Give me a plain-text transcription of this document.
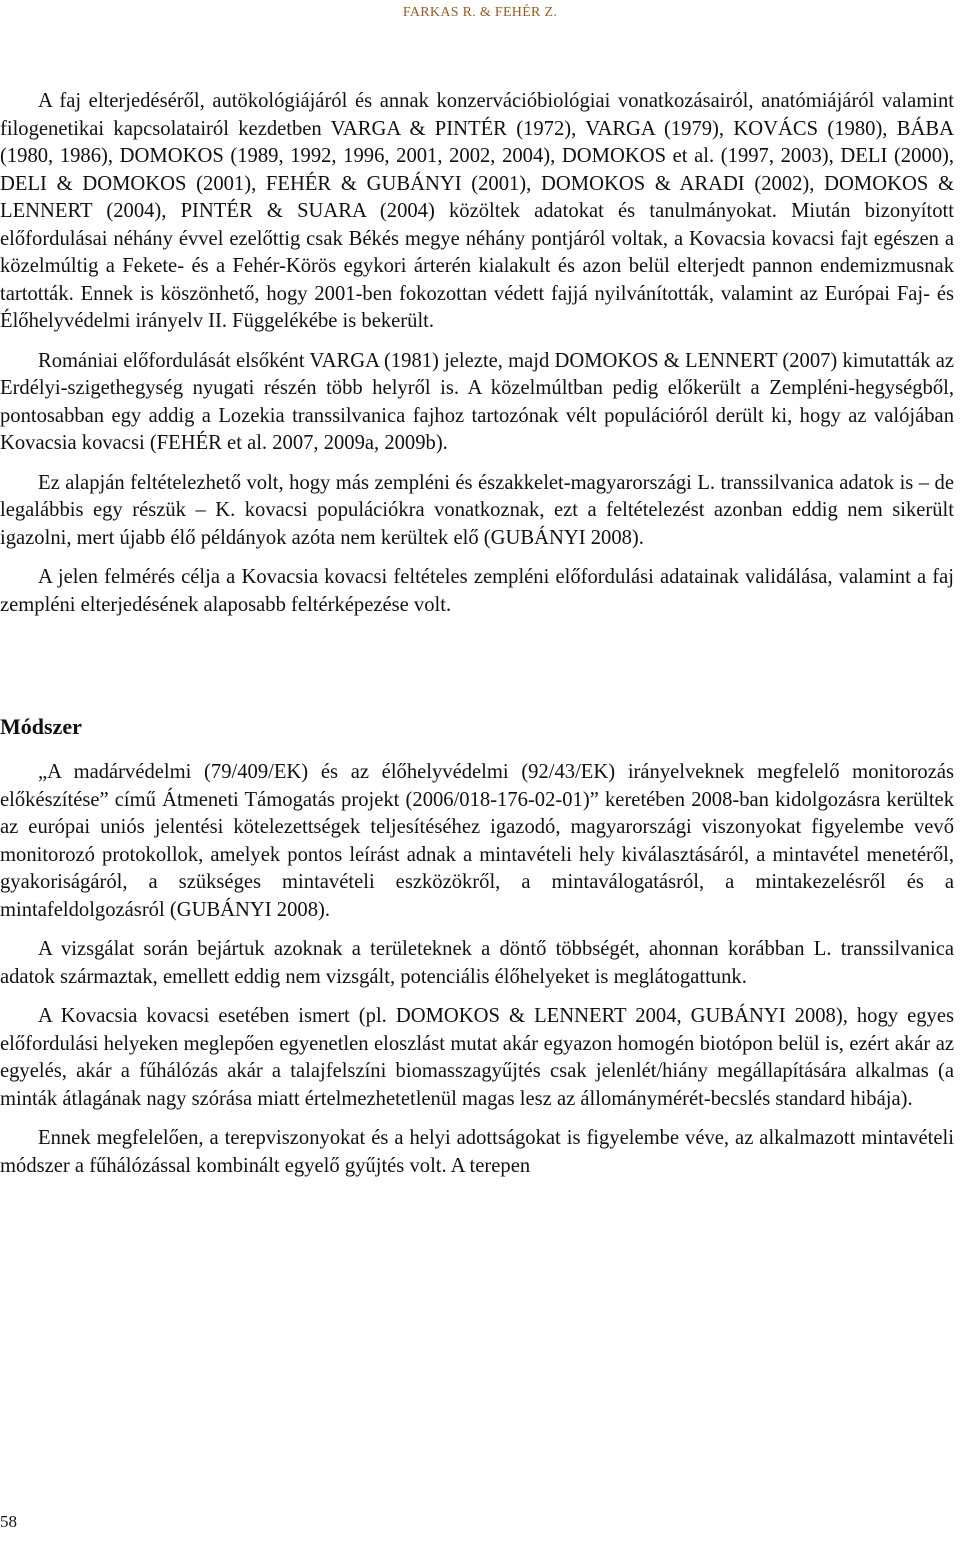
FARKAS R. & FEHÉR Z.

A faj elterjedéséről, autökológiájáról és annak konzervációbiológiai vonatkozásairól, anatómiájáról valamint filogenetikai kapcsolatairól kezdetben VARGA & PINTÉR (1972), VARGA (1979), KOVÁCS (1980), BÁBA (1980, 1986), DOMOKOS (1989, 1992, 1996, 2001, 2002, 2004), DOMOKOS et al. (1997, 2003), DELI (2000), DELI & DOMOKOS (2001), FEHÉR & GUBÁNYI (2001), DOMOKOS & ARADI (2002), DOMOKOS & LENNERT (2004), PINTÉR & SUARA (2004) közöltek adatokat és tanulmányokat. Miután bizonyított előfordulásai néhány évvel ezelőttig csak Békés megye néhány pontjáról voltak, a Kovacsia kovacsi fajt egészen a közelmúltig a Fekete- és a Fehér-Körös egykori árterén kialakult és azon belül elterjedt pannon endemizmusnak tartották. Ennek is köszönhető, hogy 2001-ben fokozottan védett fajjá nyilvánították, valamint az Európai Faj- és Élőhelyvédelmi irányelv II. Függelékébe is bekerült.

Romániai előfordulását elsőként VARGA (1981) jelezte, majd DOMOKOS & LENNERT (2007) kimutatták az Erdélyi-szigethegység nyugati részén több helyről is. A közelmúltban pedig előkerült a Zempléni-hegységből, pontosabban egy addig a Lozekia transsilvanica fajhoz tartozónak vélt populációról derült ki, hogy az valójában Kovacsia kovacsi (FEHÉR et al. 2007, 2009a, 2009b).

Ez alapján feltételezhető volt, hogy más zempléni és északkelet-magyarországi L. transsilvanica adatok is – de legalábbis egy részük – K. kovacsi populációkra vonatkoznak, ezt a feltételezést azonban eddig nem sikerült igazolni, mert újabb élő példányok azóta nem kerültek elő (GUBÁNYI 2008).

A jelen felmérés célja a Kovacsia kovacsi feltételes zempléni előfordulási adatainak validálása, valamint a faj zempléni elterjedésének alaposabb feltérképezése volt.

Módszer

„A madárvédelmi (79/409/EK) és az élőhelyvédelmi (92/43/EK) irányelveknek megfelelő monitorozás előkészítése” című Átmeneti Támogatás projekt (2006/018-176-02-01)” keretében 2008-ban kidolgozásra kerültek az európai uniós jelentési kötelezettségek teljesítéséhez igazodó, magyarországi viszonyokat figyelembe vevő monitorozó protokollok, amelyek pontos leírást adnak a mintavételi hely kiválasztásáról, a mintavétel menetéről, gyakoriságáról, a szükséges mintavételi eszközökről, a mintaválogatásról, a mintakezelésről és a mintafeldolgozásról (GUBÁNYI 2008).

A vizsgálat során bejártuk azoknak a területeknek a döntő többségét, ahonnan korábban L. transsilvanica adatok származtak, emellett eddig nem vizsgált, potenciális élőhelyeket is meglátogattunk.

A Kovacsia kovacsi esetében ismert (pl. DOMOKOS & LENNERT 2004, GUBÁNYI 2008), hogy egyes előfordulási helyeken meglepően egyenetlen eloszlást mutat akár egyazon homogén biotópon belül is, ezért akár az egyelés, akár a fűhálózás akár a talajfelszíni biomasszagyűjtés csak jelenlét/hiány megállapítására alkalmas (a minták átlagának nagy szórása miatt értelmezhetetlenül magas lesz az állománymérét-becslés standard hibája).

Ennek megfelelően, a terepviszonyokat és a helyi adottságokat is figyelembe véve, az alkalmazott mintavételi módszer a fűhálózással kombinált egyelő gyűjtés volt. A terepen

58
